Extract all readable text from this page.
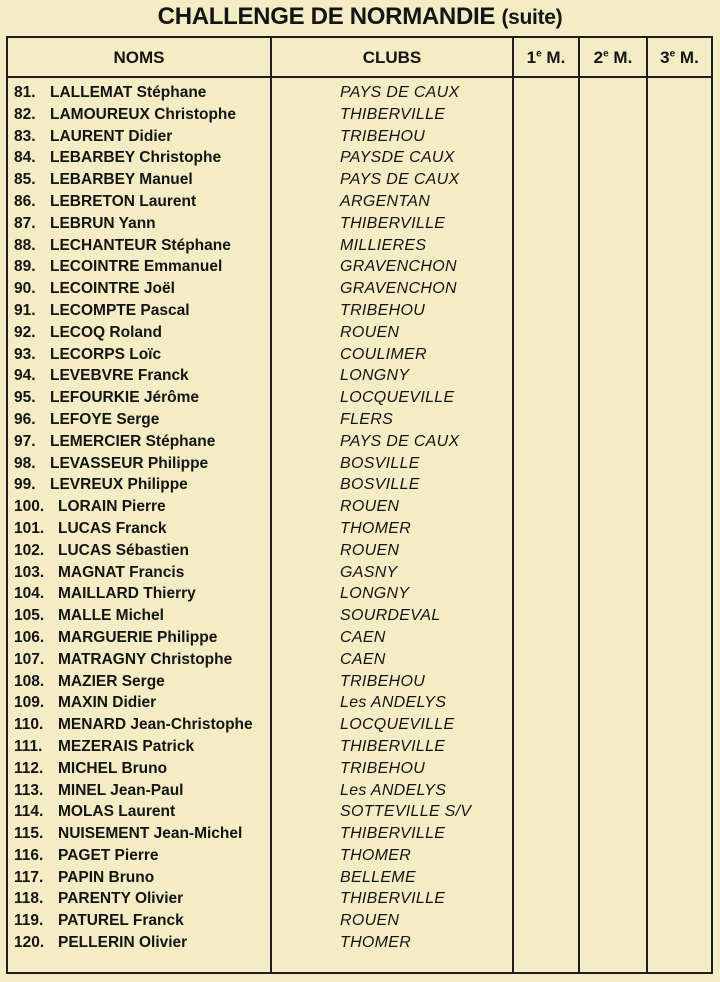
CHALLENGE DE NORMANDIE (suite)
NOMS	CLUBS	1e M.	2e M.	3e M.
81. LALLEMAT Stéphane	PAYS DE CAUX
82. LAMOUREUX Christophe	THIBERVILLE
83. LAURENT Didier	TRIBEHOU
84. LEBARBEY Christophe	PAYSDE CAUX
85. LEBARBEY Manuel	PAYS DE CAUX
86. LEBRETON Laurent	ARGENTAN
87. LEBRUN Yann	THIBERVILLE
88. LECHANTEUR Stéphane	MILLIERES
89. LECOINTRE Emmanuel	GRAVENCHON
90. LECOINTRE Joël	GRAVENCHON
91. LECOMPTE Pascal	TRIBEHOU
92. LECOQ Roland	ROUEN
93. LECORPS Loïc	COULIMER
94. LEVEBVRE Franck	LONGNY
95. LEFOURKIE Jérôme	LOCQUEVILLE
96. LEFOYE Serge	FLERS
97. LEMERCIER Stéphane	PAYS DE CAUX
98. LEVASSEUR Philippe	BOSVILLE
99. LEVREUX Philippe	BOSVILLE
100. LORAIN Pierre	ROUEN
101. LUCAS Franck	THOMER
102. LUCAS Sébastien	ROUEN
103. MAGNAT Francis	GASNY
104. MAILLARD Thierry	LONGNY
105. MALLE Michel	SOURDEVAL
106. MARGUERIE Philippe	CAEN
107. MATRAGNY Christophe	CAEN
108. MAZIER Serge	TRIBEHOU
109. MAXIN Didier	Les ANDELYS
110. MENARD Jean-Christophe	LOCQUEVILLE
111. MEZERAIS Patrick	THIBERVILLE
112. MICHEL Bruno	TRIBEHOU
113. MINEL Jean-Paul	Les ANDELYS
114. MOLAS Laurent	SOTTEVILLE S/V
115. NUISEMENT Jean-Michel	THIBERVILLE
116. PAGET Pierre	THOMER
117. PAPIN Bruno	BELLEME
118. PARENTY Olivier	THIBERVILLE
119. PATUREL Franck	ROUEN
120. PELLERIN Olivier	THOMER
